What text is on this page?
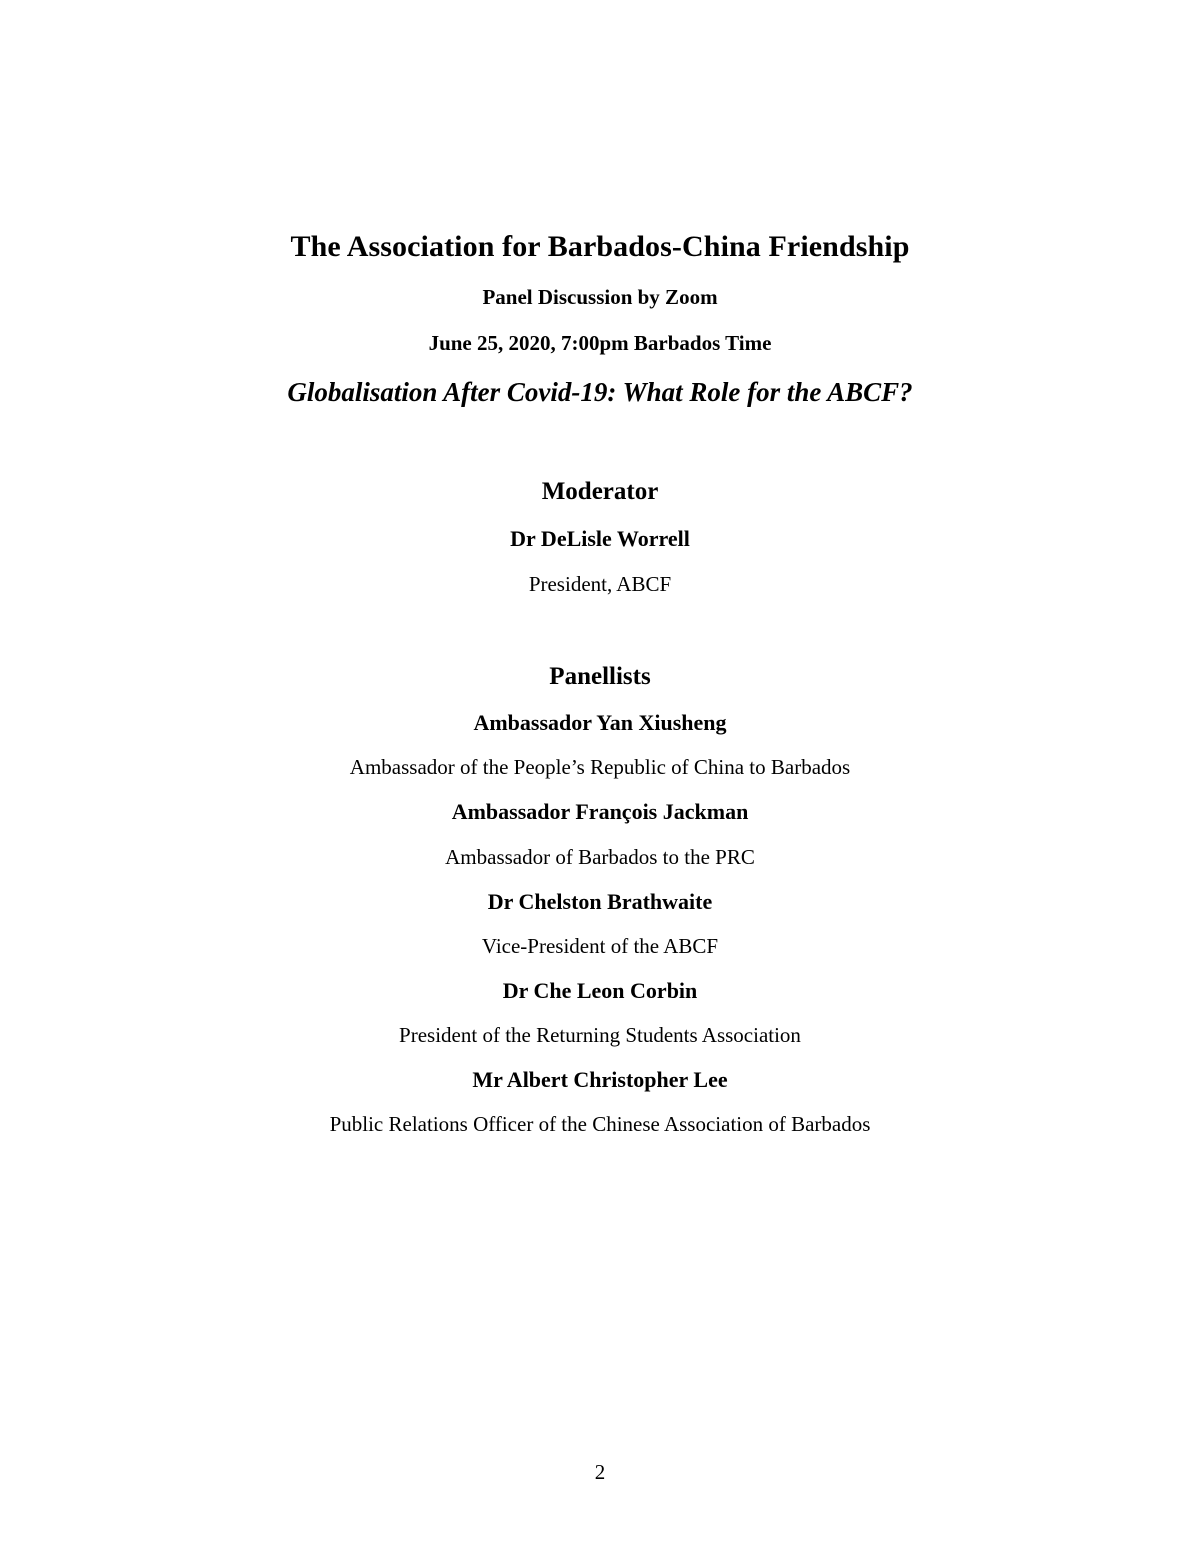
The Association for Barbados-China Friendship
Panel Discussion by Zoom
June 25, 2020, 7:00pm Barbados Time
Globalisation After Covid-19: What Role for the ABCF?
Moderator
Dr DeLisle Worrell
President, ABCF
Panellists
Ambassador Yan Xiusheng
Ambassador of the People’s Republic of China to Barbados
Ambassador François Jackman
Ambassador of Barbados to the PRC
Dr Chelston Brathwaite
Vice-President of the ABCF
Dr Che Leon Corbin
President of the Returning Students Association
Mr Albert Christopher Lee
Public Relations Officer of the Chinese Association of Barbados
2
